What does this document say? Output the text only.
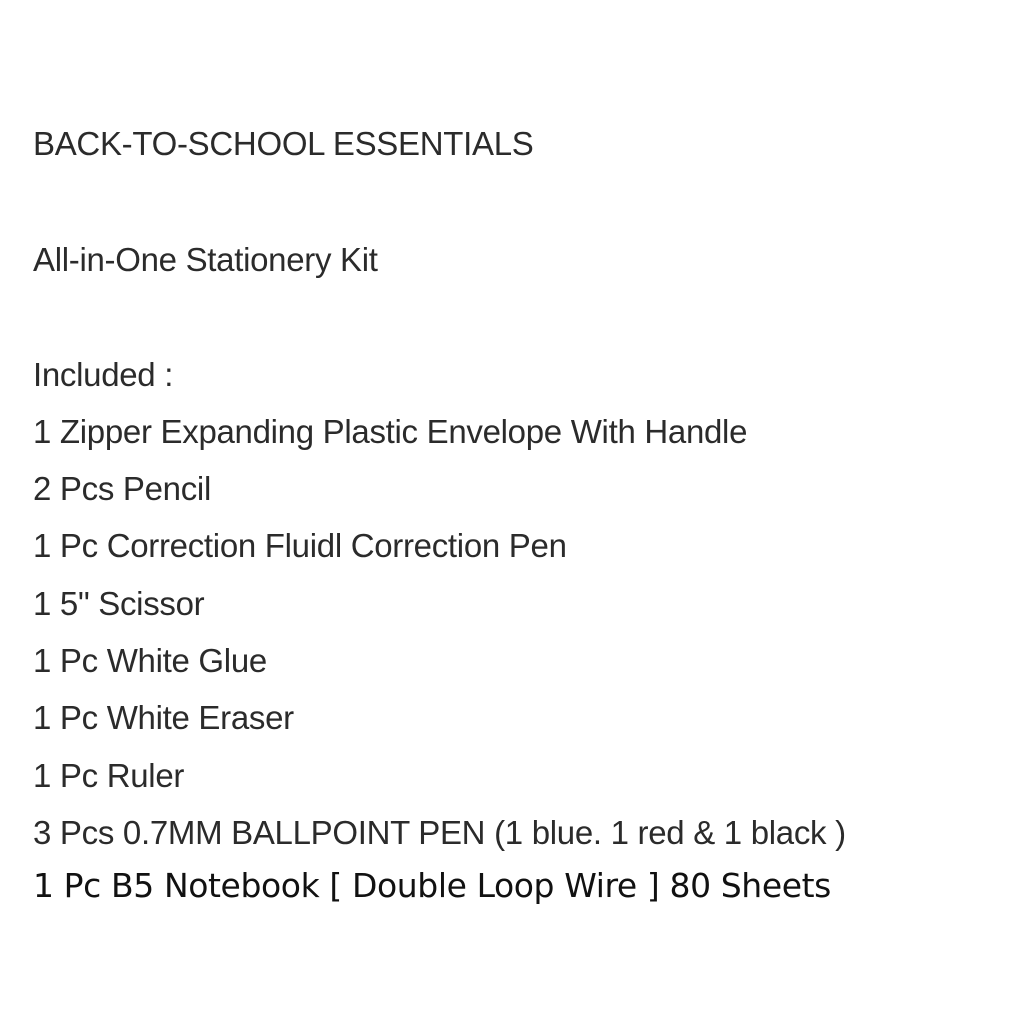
BACK-TO-SCHOOL ESSENTIALS
All-in-One Stationery Kit
Included :
1 Zipper Expanding Plastic Envelope With Handle
2 Pcs Pencil
1 Pc Correction Fluidl Correction Pen
1 5" Scissor
1 Pc White Glue
1 Pc White Eraser
1 Pc Ruler
3 Pcs 0.7MM BALLPOINT PEN (1 blue. 1 red & 1 black )
1 Pc B5 Notebook [ Double Loop Wire ] 80 Sheets
